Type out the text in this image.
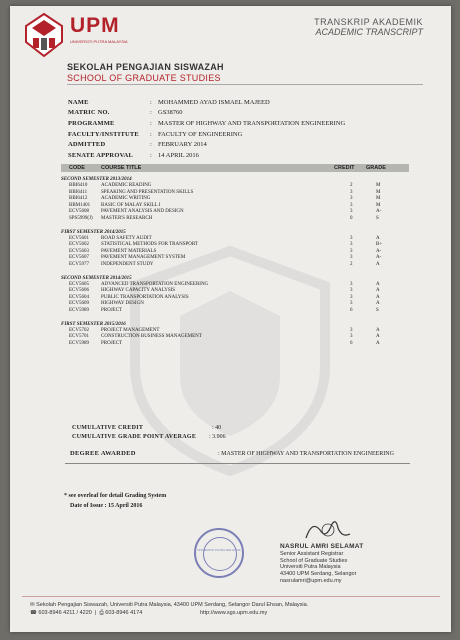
UPM
UNIVERSITI PUTRA MALAYSIA
TRANSKRIP AKADEMIK
ACADEMIC TRANSCRIPT
SEKOLAH PENGAJIAN SISWAZAH
SCHOOL OF GRADUATE STUDIES
NAME	: MOHAMMED AYAD ISMAEL MAJEED
MATRIC NO.	: GS38760
PROGRAMME	: MASTER OF HIGHWAY AND TRANSPORTATION ENGINEERING
FACULTY/INSTITUTE	: FACULTY OF ENGINEERING
ADMITTED	: FEBRUARY 2014
SENATE APPROVAL	: 14 APRIL 2016
CODE	COURSE TITLE	CREDIT GRADE
SECOND SEMESTER 2013/2014
BBI6410	ACADEMIC READING	2	M
BBI6411	SPEAKING AND PRESENTATION SKILLS	3	M
BBI6412	ACADEMIC WRITING	3	M
BBM1401 BASIC OF MALAY SKILL I	3	M
ECV5608 PAVEMENT ANALYSIS AND DESIGN	3	A-
SPS5999(J) MASTER'S RESEARCH	0	S
FIRST SEMESTER 2014/2015
ECV5601 ROAD SAFETY AUDIT	3	A
ECV5602 STATISTICAL METHODS FOR TRANSPORT	3	B+
ECV5603 PAVEMENT MATERIALS	3	A-
ECV5607 PAVEMENT MANAGEMENT SYSTEM	3	A-
ECV5977 INDEPENDENT STUDY	2	A
SECOND SEMESTER 2014/2015
ECV5605 ADVANCED TRANSPORTATION ENGINEERING	3	A
ECV5606 HIGHWAY CAPACITY ANALYSIS	3	A
ECV5604 PUBLIC TRANSPORTATION ANALYSIS	3	A
ECV5609 HIGHWAY DESIGN	3	A
ECV5989 PROJECT	6	S
FIRST SEMESTER 2015/2016
ECV5702 PROJECT MANAGEMENT	3	A
ECV5701 CONSTRUCTION BUSINESS MANAGEMENT	3	A
ECV5989 PROJECT	6	A
CUMULATIVE CREDIT	: 40
CUMULATIVE GRADE POINT AVERAGE : 3.906
DEGREE AWARDED	: MASTER OF HIGHWAY AND TRANSPORTATION ENGINEERING
* see overleaf for detail Grading System
Date of Issue : 15 April 2016
UNIVERSITI PUTRA MALAYSIA	NASRUL AMRI SELAMAT
Senior Assistant Registrar
School of Graduate Studies
Universiti Putra Malaysia
43400 UPM Serdang, Selangor
nasrulamri@upm.edu.my
✉ Sekolah Pengajian Siswazah, Universiti Putra Malaysia, 43400 UPM Serdang, Selangor Darul Ehsan, Malaysia.
☎ 603-8946 4211 / 4220  |  ⎙ 603-8946 4174	http://www.sgs.upm.edu.my
